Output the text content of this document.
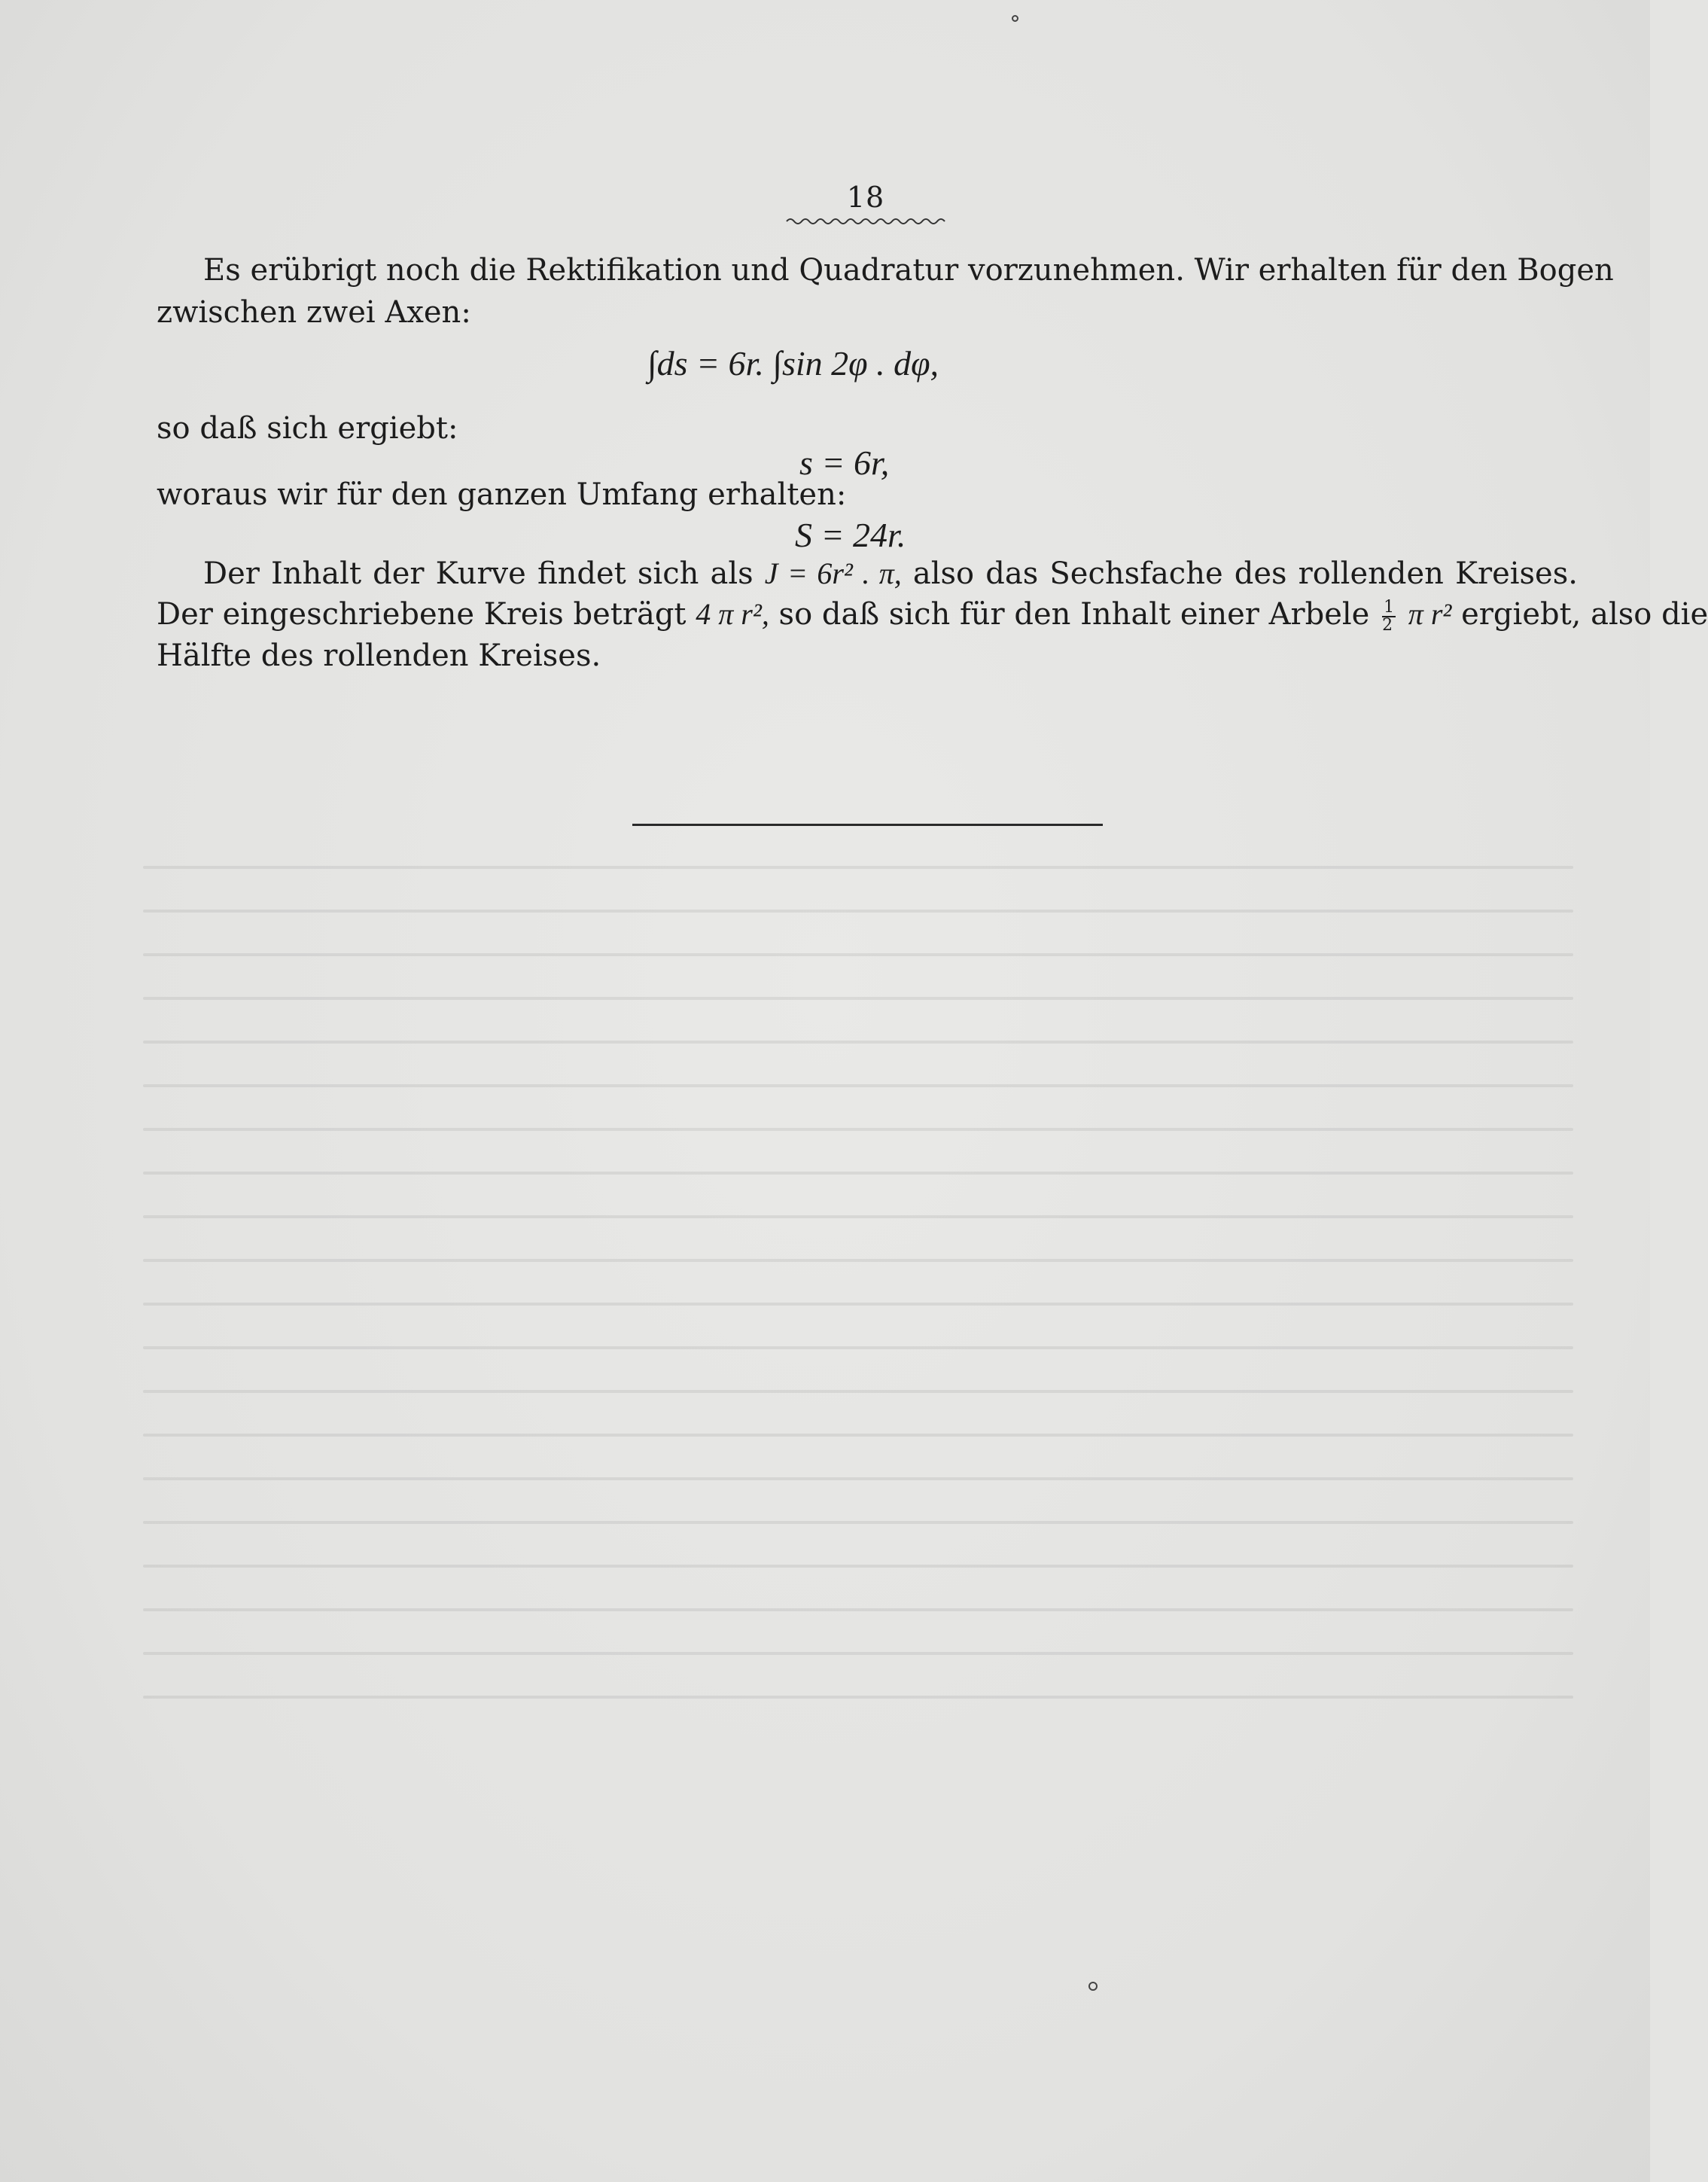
18
Es erübrigt noch die Rektifikation und Quadratur vorzunehmen. Wir erhalten für den Bogen
zwischen zwei Axen:
∫ds = 6r. ∫sin 2φ . dφ,
so daß sich ergiebt:
s = 6r,
woraus wir für den ganzen Umfang erhalten:
S = 24r.
Der Inhalt der Kurve findet sich als J = 6r² . π, also das Sechsfache des rollenden Kreises.
Der eingeschriebene Kreis beträgt 4 π r², so daß sich für den Inhalt einer Arbele $\frac{1}{2}$ π r² ergiebt, also die
Hälfte des rollenden Kreises.
